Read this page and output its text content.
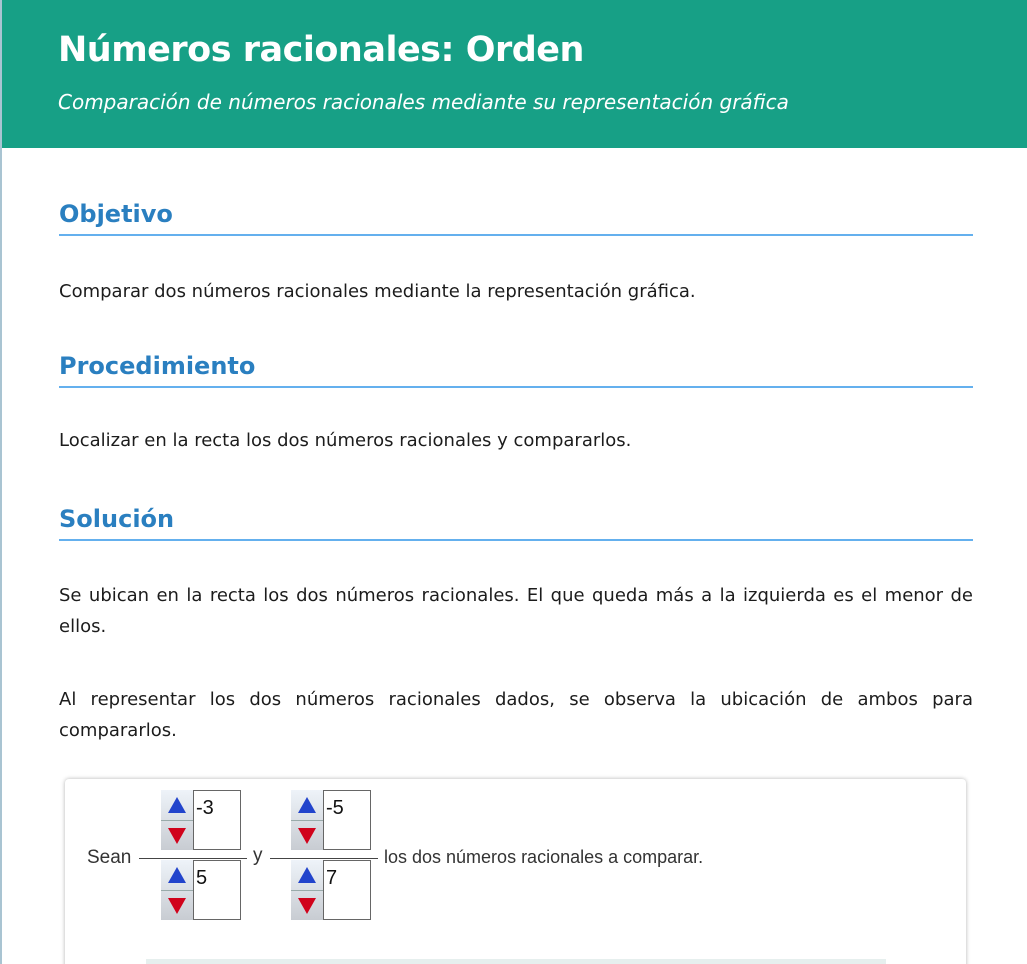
Números racionales: Orden

Comparación de números racionales mediante su representación gráfica

Objetivo

Comparar dos números racionales mediante la representación gráfica.

Procedimiento

Localizar en la recta los dos números racionales y compararlos.

Solución

Se ubican en la recta los dos números racionales. El que queda más a la izquierda es el menor de ellos.

Al representar los dos números racionales dados, se observa la ubicación de ambos para compararlos.

Sean
-3
5
y
-5
7
los dos números racionales a comparar.
